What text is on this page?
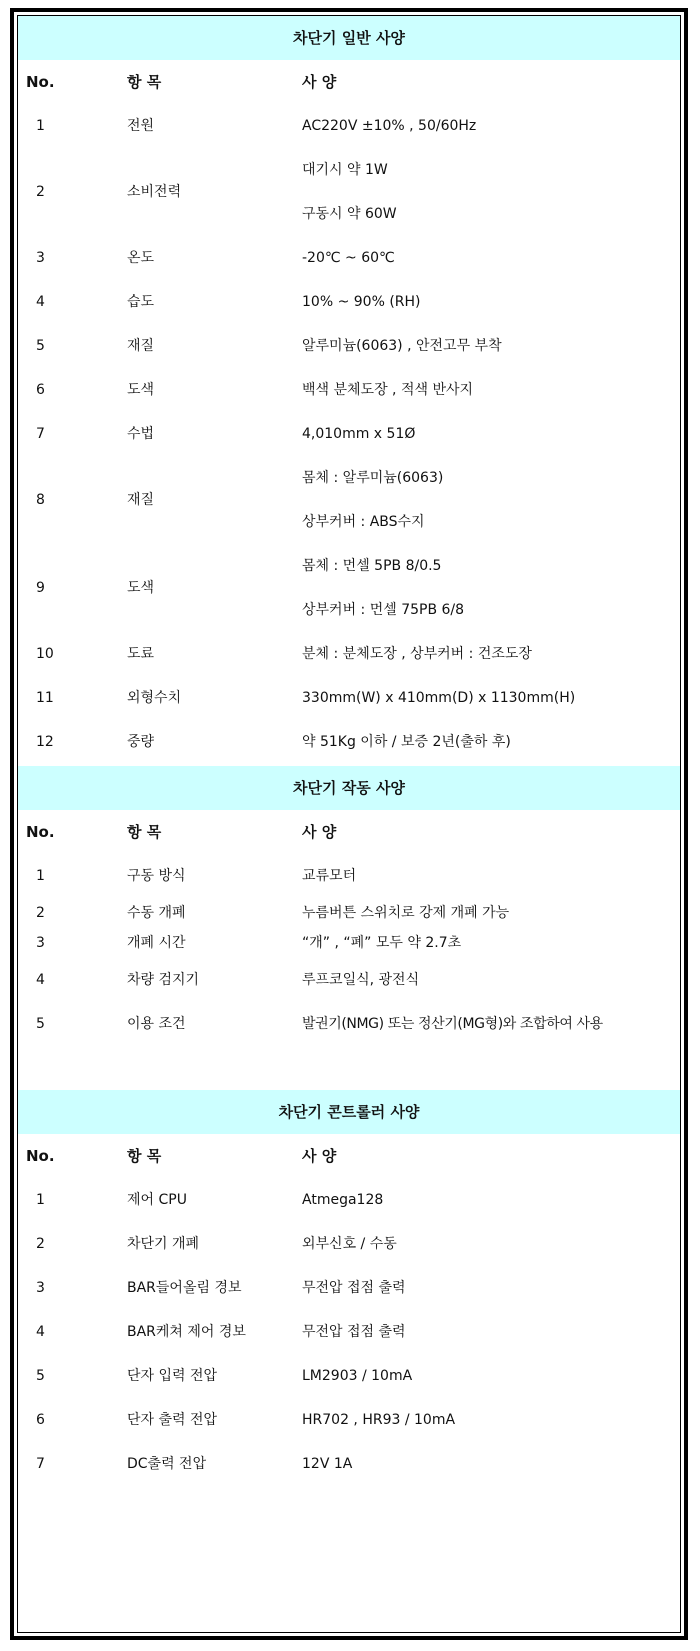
차단기 일반 사양
No.	항 목	사 양
1	전원	AC220V ±10% , 50/60Hz
2	소비전력
대기시 약 1W
구동시 약 60W
3	온도	-20℃ ~ 60℃
4	습도	10% ~ 90% (RH)
5	재질	알루미늄(6063) , 안전고무 부착
6	도색	백색 분체도장 , 적색 반사지
7	수법	4,010mm x 51Ø
8	재질
몸체 : 알루미늄(6063)
상부커버 : ABS수지
9	도색
몸체 : 먼셀 5PB 8/0.5
상부커버 : 먼셀 75PB 6/8
10	도료	분체 : 분체도장 , 상부커버 : 건조도장
11	외형수치	330mm(W) x 410mm(D) x 1130mm(H)
12	중량	약 51Kg 이하 / 보증 2년(출하 후)
차단기 작동 사양
No.	항 목	사 양
1	구동 방식	교류모터
2	수동 개폐	누름버튼 스위치로 강제 개폐 가능
3	개폐 시간	“개” , “폐” 모두 약 2.7초
4	차량 검지기	루프코일식, 광전식
5	이용 조건	발권기(NMG) 또는 정산기(MG형)와 조합하여 사용
차단기 콘트롤러 사양
No.	항 목	사 양
1	제어 CPU	Atmega128
2	차단기 개폐	외부신호 / 수동
3	BAR들어올림 경보	무전압 접점 출력
4	BAR케쳐 제어 경보	무전압 접점 출력
5	단자 입력 전압	LM2903 / 10mA
6	단자 출력 전압	HR702 , HR93 / 10mA
7	DC출력 전압	12V 1A
